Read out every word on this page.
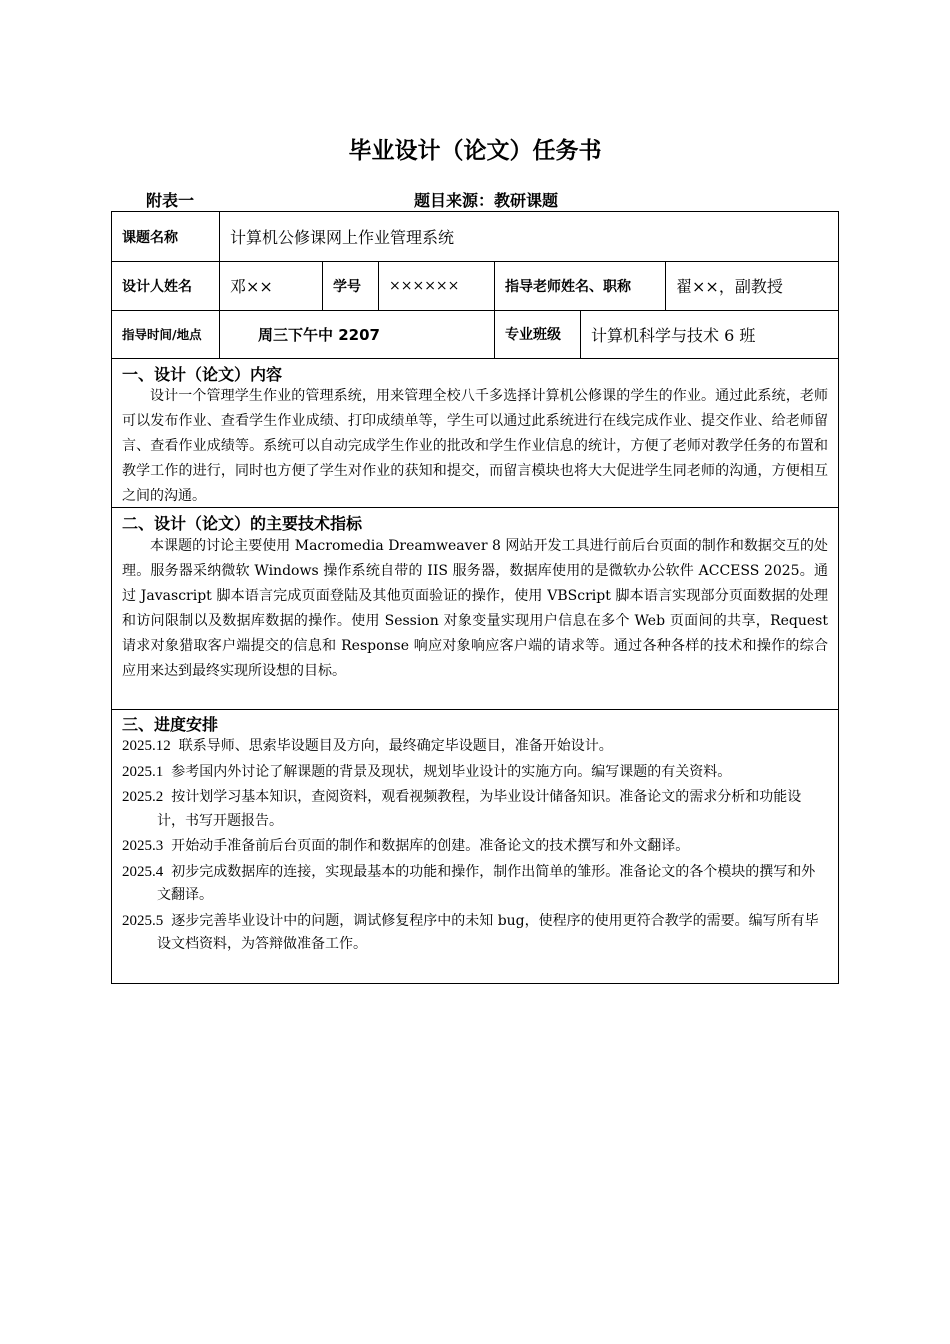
毕业设计（论文）任务书
附表一	题目来源：教研课题
课题名称	计算机公修课网上作业管理系统
设计人姓名	邓××	学号	××××××	指导老师姓名、职称	翟××，副教授
指导时间/地点	周三下午中 2207	专业班级	计算机科学与技术 6 班
一、设计（论文）内容

设计一个管理学生作业的管理系统，用来管理全校八千多选择计算机公修课的学生的作业。通过此系统，老师可以发布作业、查看学生作业成绩、打印成绩单等，学生可以通过此系统进行在线完成作业、提交作业、给老师留言、查看作业成绩等。系统可以自动完成学生作业的批改和学生作业信息的统计，方便了老师对教学任务的布置和教学工作的进行，同时也方便了学生对作业的获知和提交，而留言模块也将大大促进学生同老师的沟通，方便相互之间的沟通。

二、设计（论文）的主要技术指标

本课题的讨论主要使用 Macromedia Dreamweaver 8 网站开发工具进行前后台页面的制作和数据交互的处理。服务器采纳微软 Windows 操作系统自带的 IIS 服务器，数据库使用的是微软办公软件 ACCESS 2025。通过 Javascript 脚本语言完成页面登陆及其他页面验证的操作，使用 VBScript 脚本语言实现部分页面数据的处理和访问限制以及数据库数据的操作。使用 Session 对象变量实现用户信息在多个 Web 页面间的共享，Request 请求对象猎取客户端提交的信息和 Response 响应对象响应客户端的请求等。通过各种各样的技术和操作的综合应用来达到最终实现所设想的目标。

三、进度安排
2025.12 联系导师、思索毕设题目及方向，最终确定毕设题目，准备开始设计。
2025.1 参考国内外讨论了解课题的背景及现状，规划毕业设计的实施方向。编写课题的有关资料。
2025.2 按计划学习基本知识，查阅资料，观看视频教程，为毕业设计储备知识。准备论文的需求分析和功能设计，书写开题报告。
2025.3 开始动手准备前后台页面的制作和数据库的创建。准备论文的技术撰写和外文翻译。
2025.4 初步完成数据库的连接，实现最基本的功能和操作，制作出简单的雏形。准备论文的各个模块的撰写和外文翻译。
2025.5 逐步完善毕业设计中的问题，调试修复程序中的未知 bug，使程序的使用更符合教学的需要。编写所有毕设文档资料，为答辩做准备工作。
